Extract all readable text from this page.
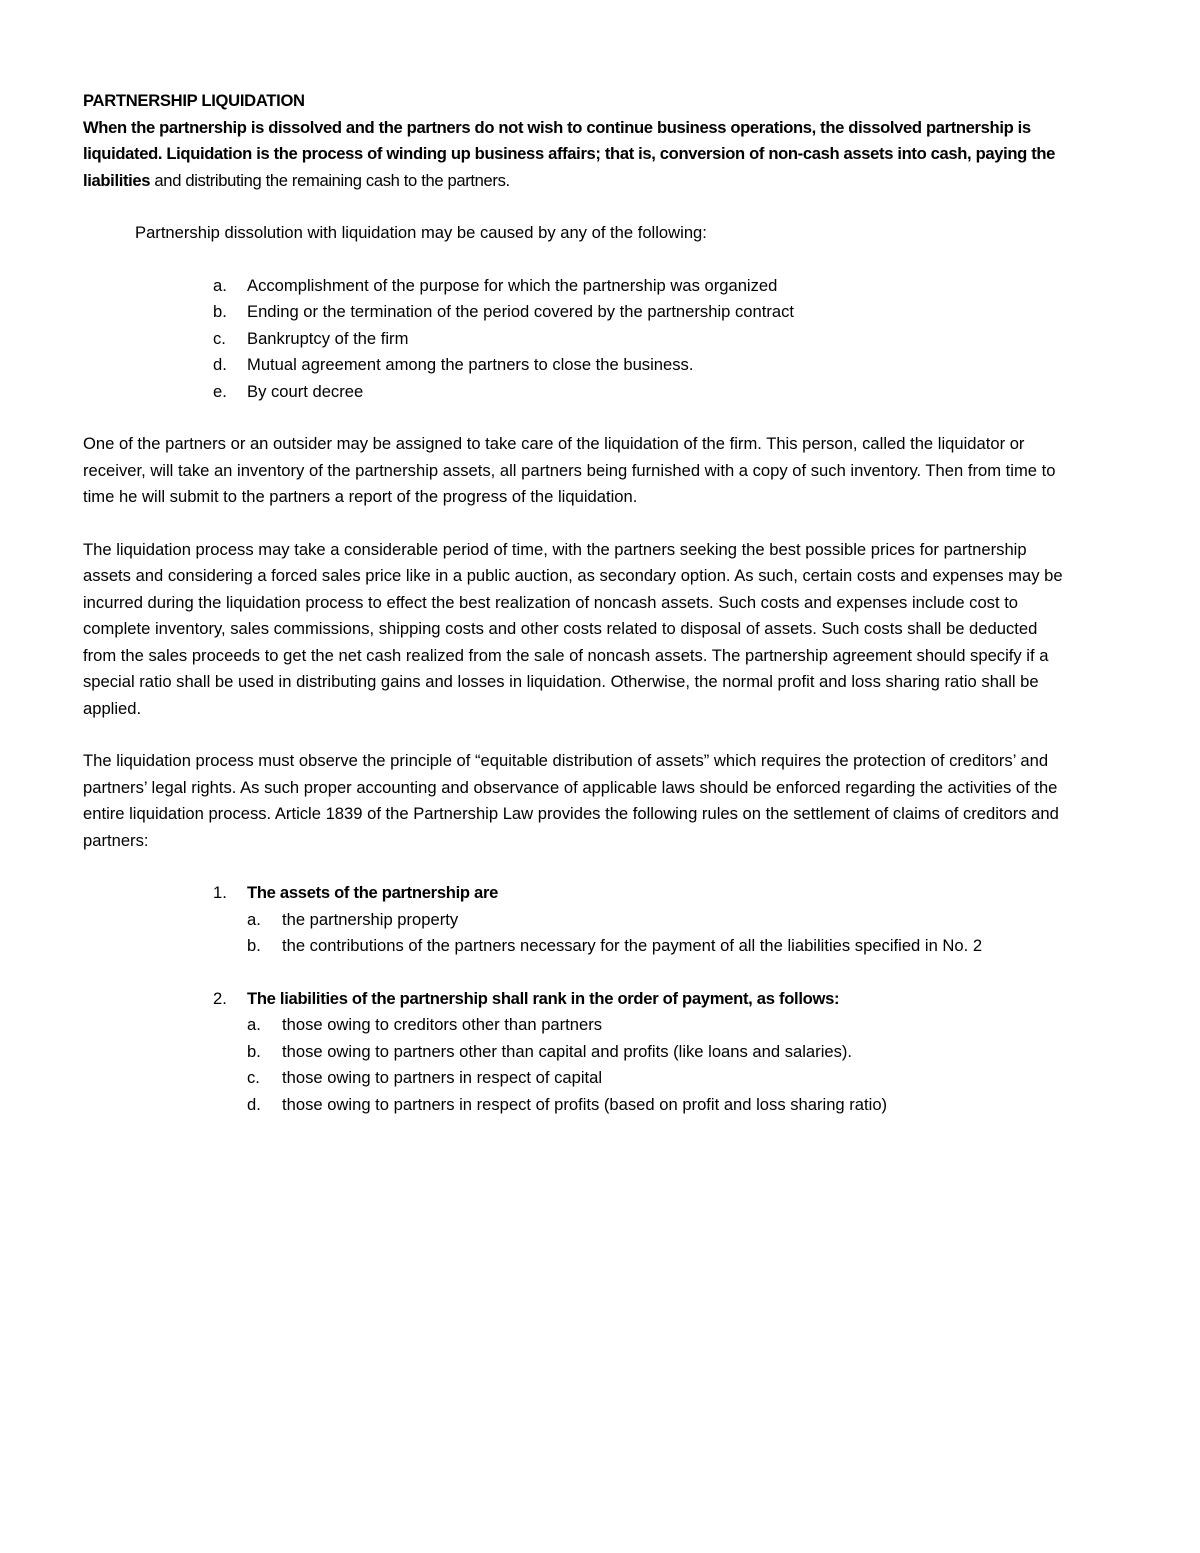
PARTNERSHIP LIQUIDATION

When the partnership is dissolved and the partners do not wish to continue business operations, the dissolved partnership is liquidated. Liquidation is the process of winding up business affairs; that is, conversion of non-cash assets into cash, paying the liabilities and distributing the remaining cash to the partners.

Partnership dissolution with liquidation may be caused by any of the following:

a. Accomplishment of the purpose for which the partnership was organized
b. Ending or the termination of the period covered by the partnership contract
c. Bankruptcy of the firm
d. Mutual agreement among the partners to close the business.
e. By court decree

One of the partners or an outsider may be assigned to take care of the liquidation of the firm. This person, called the liquidator or receiver, will take an inventory of the partnership assets, all partners being furnished with a copy of such inventory. Then from time to time he will submit to the partners a report of the progress of the liquidation.

The liquidation process may take a considerable period of time, with the partners seeking the best possible prices for partnership assets and considering a forced sales price like in a public auction, as secondary option. As such, certain costs and expenses may be incurred during the liquidation process to effect the best realization of noncash assets. Such costs and expenses include cost to complete inventory, sales commissions, shipping costs and other costs related to disposal of assets. Such costs shall be deducted from the sales proceeds to get the net cash realized from the sale of noncash assets. The partnership agreement should specify if a special ratio shall be used in distributing gains and losses in liquidation. Otherwise, the normal profit and loss sharing ratio shall be applied.

The liquidation process must observe the principle of “equitable distribution of assets” which requires the protection of creditors’ and partners’ legal rights. As such proper accounting and observance of applicable laws should be enforced regarding the activities of the entire liquidation process. Article 1839 of the Partnership Law provides the following rules on the settlement of claims of creditors and partners:

1. The assets of the partnership are
a. the partnership property
b. the contributions of the partners necessary for the payment of all the liabilities specified in No. 2
2. The liabilities of the partnership shall rank in the order of payment, as follows:
a. those owing to creditors other than partners
b. those owing to partners other than capital and profits (like loans and salaries).
c. those owing to partners in respect of capital
d. those owing to partners in respect of profits (based on profit and loss sharing ratio)
